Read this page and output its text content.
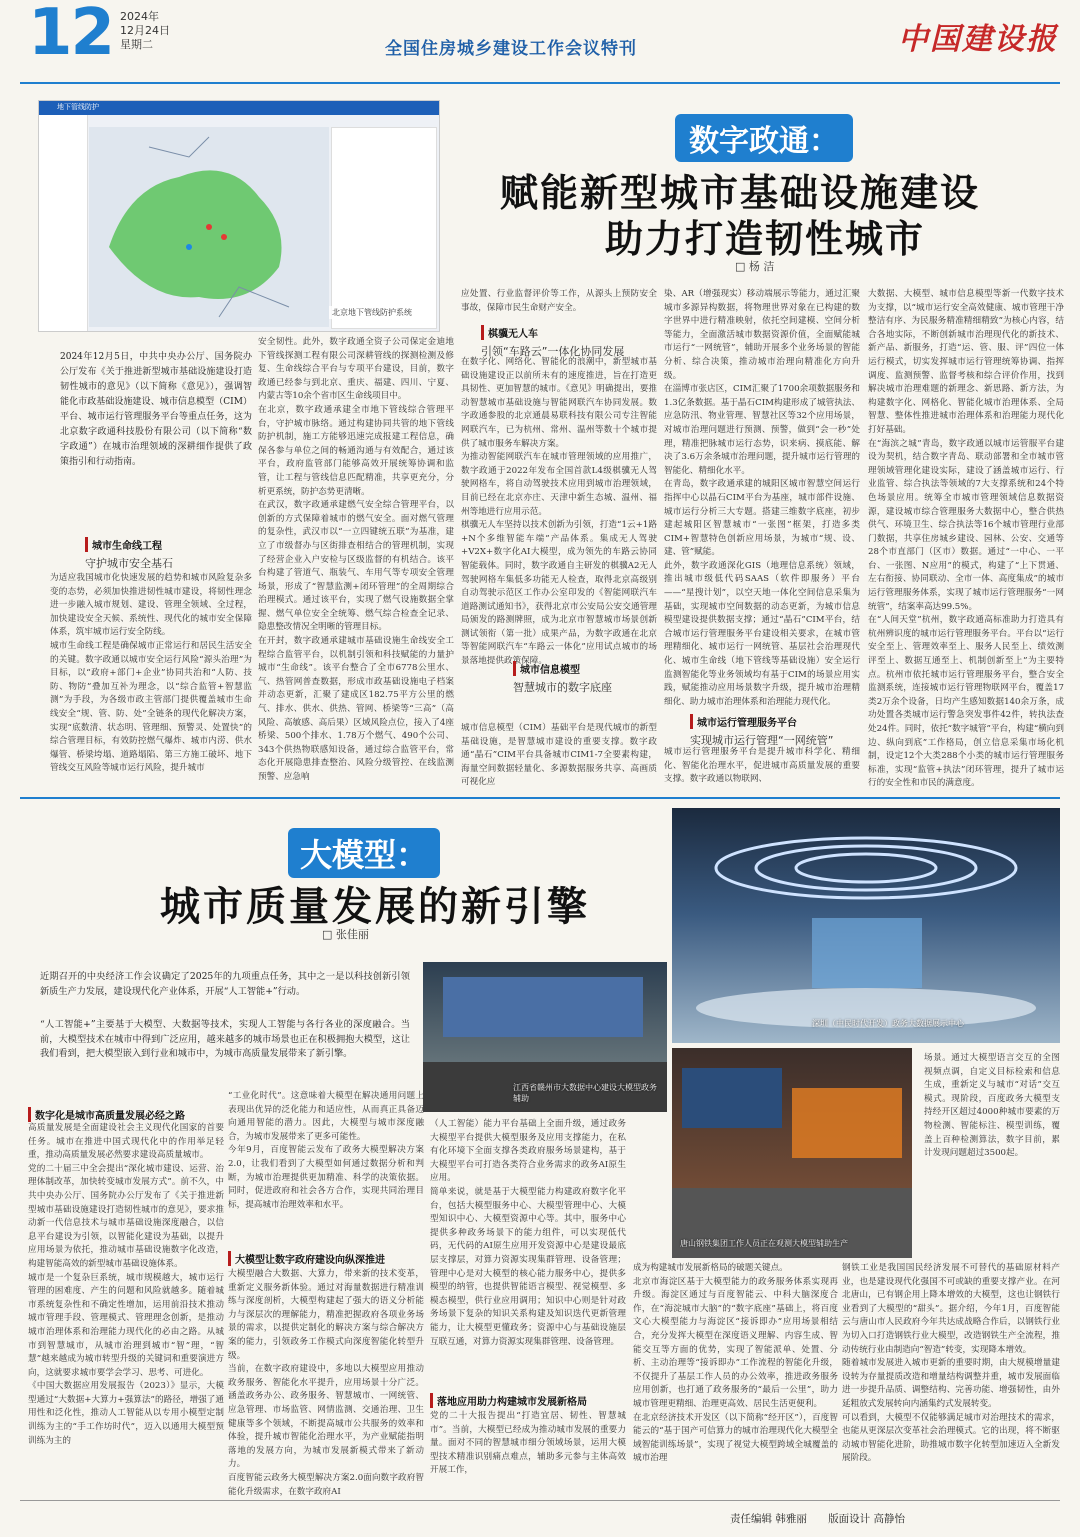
12 2024年
12月24日
星期二	全国住房城乡建设工作会议特刊	中国建设报
地下管线防护
北京地下管线防护系统
数字政通：
赋能新型城市基础设施建设
助力打造韧性城市
□ 杨 洁
2024年12月5日，中共中央办公厅、国务院办公厅发布《关于推进新型城市基础设施建设打造韧性城市的意见》（以下简称《意见》），强调智能化市政基础设施建设、城市信息模型（CIM）平台、城市运行管理服务平台等重点任务，这为北京数字政通科技股份有限公司（以下简称“数字政通”）在城市治理领域的深耕细作提供了政策指引和行动指南。
城市生命线工程
守护城市安全基石
为适应我国城市化快速发展的趋势和城市风险复杂多变的态势，必须加快推进韧性城市建设，将韧性理念进一步融入城市规划、建设、管理全领域、全过程，加快建设安全天候、系统性、现代化的城市安全保障体系，筑牢城市运行安全防线。
城市生命线工程是确保城市正常运行和居民生活安全的关键。数字政通以城市安全运行风险“源头治理”为目标，以“政府+部门+企业”协同共治和“人防、技防、物防”叠加互补为理念，以“综合监管+智慧监测”为手段，为各级市政主管部门提供覆盖城市生命线安全“规、管、防、处”全链条的现代化解决方案，实现“底数清、状态明、管理细、预警灵、处置快”的综合管理目标，有效防控燃气爆炸、城市内涝、供水爆管、桥梁垮塌、道路塌陷、第三方施工破坏、地下管线交互风险等城市运行风险，提升城市
安全韧性。此外，数字政通全资子公司保定金迪地下管线探测工程有限公司深耕管线的探测检测及修复、生命线综合平台与专项平台建设，目前，数字政通已经参与到北京、重庆、福建、四川、宁夏、内蒙古等10余个省市区生命线项目中。
在北京，数字政通承建全市地下管线综合管理平台，守护城市脉络。通过构建协同共管的地下管线防护机制，施工方能够迅速完成报建工程信息，确保各参与单位之间的畅通沟通与有效配合，通过该平台，政府监管部门能够高效开展统筹协调和监管，让工程与管线信息匹配精准，共享更充分，分析更系统，防护态势更清晰。
在武汉，数字政通承建燃气安全综合管理平台，以创新的方式保障着城市的燃气安全。面对燃气管理的复杂性，武汉市以“一立四键统五联”为基准，建立了市级督办与区街排查相结合的管理机制，实现了经营企业入户安检与区级监督的有机结合。该平台构建了管道气、瓶装气、车用气等专项安全管理场景，形成了“智慧监测+闭环管理”的全周期综合治理模式。通过该平台，实现了燃气设施数据全掌握、燃气单位安全全统筹、燃气综合检查全记录、隐患整改情况全明晰的管理目标。
在开封，数字政通承建城市基础设施生命线安全工程综合监管平台，以机制引领和科技赋能的力量护城市“生命线”。该平台整合了全市6778公里水、气、热管网普查数据，形成市政基础设施电子档案并动态更新，汇聚了建成区182.75平方公里的燃气、排水、供水、供热、管网、桥梁等“三高”（高风险、高敏感、高后果）区域风险点位，接入了4座桥梁、500个排水、1.78万个燃气、490个公司、343个供热物联感知设备，通过综合监管平台，常态化开展隐患排查整治、风险分级管控、在线监测预警、应急响
应处置、行业监督评价等工作，从源头上预防安全事故，保障市民生命财产安全。
棋骥无人车
引领“车路云”一体化协同发展
在数字化、网络化、智能化的浪潮中，新型城市基础设施建设正以前所未有的速度推进，旨在打造更具韧性、更加智慧的城市。《意见》明确提出，要推动智慧城市基础设施与智能网联汽车协同发展。数字政通参股的北京通晨易联科技有限公司专注智能网联汽车，已为杭州、常州、温州等数十个城市提供了城市服务车解决方案。
为推动智能网联汽车在城市管理领域的应用推广，数字政通于2022年发布全国首款L4级棋骥无人驾驶网格车，将自动驾驶技术应用到城市治理领域，目前已经在北京亦庄、天津中新生态城、温州、福州等地进行应用示范。
棋骥无人车坚持以技术创新为引领，打造“1云+1路+N个多维智能车端”产品体系。集成无人驾驶+V2X+数字化AI大模型，成为领先的车路云协同智能载体。同时，数字政通自主研发的棋骥A2无人驾驶网格车集低多功能无人检查，取得北京高级别自动驾驶示范区工作办公室印发的《智能网联汽车道路测试通知书》，获得北京市公安局公安交通管理局颁发的路测牌照，成为北京市智慧城市场景创新测试领衔（第一批）成果产品，为数字政通在北京等智能网联汽车“车路云一体化”应用试点城市的场景落地提供政策保障。
城市信息模型
智慧城市的数字底座
城市信息模型（CIM）基础平台是现代城市的新型基础设施，是智慧城市建设的重要支撑。数字政通“晶石”CIM平台具备城市CIM1-7全要素构建，海量空间数据轻量化、多源数据服务共享、高画质可视化应
染、AR（增强现实）移动端展示等能力，通过汇聚城市多源异构数据，将物理世界对象在已构建的数字世界中进行精准映射，依托空间建模、空间分析等能力，全面激活城市数据资源价值，全面赋能城市运行“一网统管”，辅助开展多个业务场景的智能分析、综合决策，推动城市治理向精准化方向升级。
在淄博市张店区，CIM汇聚了1700余项数据服务和1.3亿条数据。基于晶石CIM构建形成了城管执法、应急防汛、物业管理、智慧社区等32个应用场景，对城市治理问题进行预测、预警，做到“会一秒”处理，精准把脉城市运行态势，识来病、摸底能、解决了3.6万余条城市治理问题，提升城市运行管理的智能化、精细化水平。
在青岛，数字政通承建的城阳区城市智慧空间运行指挥中心以晶石CIM平台为基座，城市部件设施、城市运行分析三大专题。搭建三维数字底座，初步建起城阳区智慧城市“一张图”框架，打造多类CIM+智慧特色创新应用场景，为城市“规、设、建、管”赋能。
此外，数字政通深化GIS（地理信息系统）领域，推出城市级低代码SAAS（软件即服务）平台——“星搜计划”，以空天地一体化空间信息采集为基础，实现城市空间数据的动态更新，为城市信息模型建设提供数据支撑；通过“晶石”CIM平台，结合城市运行管理服务平台建设相关要求，在城市管理精细化、城市运行一网统管、基层社会治理现代化、城市生命线（地下管线等基础设施）安全运行监测智能化等业务领域均有基于CIM的场景应用实践，赋能推动应用场景数字升级，提升城市治理精细化、助力城市治理体系和治理能力现代化。
城市运行管理服务平台
实现城市运行管理“一网统管”
城市运行管理服务平台是提升城市科学化、精细化、智能化治理水平，促进城市高质量发展的重要支撑。数字政通以物联网、
大数据、大模型、城市信息模型等新一代数字技术为支撑，以“城市运行安全高效健康、城市管理干净整洁有序、为民服务精准精细精致”为核心内容，结合各地实际，不断创新城市治理现代化的新技术、新产品、新服务，打造“运、管、服、评”四位一体运行模式，切实发挥城市运行管理统筹协调、指挥调度、监测预警、监督考核和综合评价作用，找到解决城市治理难题的新理念、新思路、新方法，为构建数字化、网格化、智能化城市治理体系、全局智慧、整体性推进城市治理体系和治理能力现代化打好基础。
在“海滨之城”青岛，数字政通以城市运管服平台建设为契机，结合数字青岛、联动部署和全市城市管理领域管理化建设实际，建设了涵盖城市运行、行业监管、综合执法等领域的7大支撑系统和24个特色场景应用。统筹全市城市管理领域信息数据资源，建设城市综合管理服务大数据中心，整合供热供气、环境卫生、综合执法等16个城市管理行业部门数据，共享住房城乡建设、园林、公安、交通等28个市直部门（区市）数据。通过“一中心、一平台、一张图、N应用”的模式，构建了“上下贯通、左右衔接、协同联动、全市一体、高度集成”的城市运行管理服务体系，实现了城市运行管理服务“一网统管”，结案率高达99.5%。
在“人间天堂”杭州，数字政通高标准助力打造具有杭州辨识度的城市运行管理服务平台。平台以“运行安全至上、管理效率至上、服务人民至上、绩效测评至上、数据互通至上、机制创新至上”为主要特点。杭州市依托城市运行管理服务平台，整合安全监测系统，连接城市运行管理物联网平台，覆盖17类2万余个设备，日均产生感知数据140余万条，成功处置各类城市运行警急突发事件42件，转执法查处24件。同时，依托“数字城管”平台，构建“横向到边、纵向到底”工作格局，创立信息采集市场化机制，设定12个大类288个小类的城市运行管理服务标准，实现“监管+执法”闭环管理，提升了城市运行的安全性和市民的满意度。
大模型：
城市质量发展的新引擎
□ 张佳丽
深圳（中民时代开发）政务大数据展示中心
江西省赣州市大数据中心建设大模型政务辅助
唐山钢铁集团工作人员正在观测大模型辅助生产
近期召开的中央经济工作会议确定了2025年的九项重点任务，其中之一是以科技创新引领新质生产力发展，建设现代化产业体系，开展“人工智能+”行动。
“人工智能+”主要基于大模型、大数据等技术，实现人工智能与各行各业的深度融合。当前，大模型技术在城市中得到广泛应用，越来越多的城市场景也正在积极拥抱大模型，这让我们看到，把大模型嵌入到行业和城市中，为城市高质量发展带来了新引擎。
数字化是城市高质量发展必经之路
高质量发展是全面建设社会主义现代化国家的首要任务。城市在推进中国式现代化中的作用举足轻重，推动高质量发展必然要求建设高质量城市。
党的二十届三中全会提出“深化城市建设、运营、治理体制改革，加快转变城市发展方式”。前不久，中共中央办公厅、国务院办公厅发布了《关于推进新型城市基础设施建设打造韧性城市的意见》，要求推动新一代信息技术与城市基础设施深度融合，以信息平台建设为引领，以智能化建设为基础，以提升应用场景为依托，推动城市基础设施数字化改造，构建智能高效的新型城市基础设施体系。
城市是一个复杂巨系统，城市规模越大，城市运行管理的困难度、产生的问题和风险就越多。随着城市系统复杂性和不确定性增加，运用前沿技术推动城市管理手段、管理模式、管理理念创新，是推动城市治理体系和治理能力现代化的必由之路。从城市到智慧城市，从城市治理到城市“智”理，“智慧”越来越成为城市转型升级的关键词和重要演进方向，这就要求城市要学会学习、思考、可进化。
《中国大数据应用发展报告（2023）》显示，大模型通过“大数据+大算力+强算法”的路径，增强了通用性和泛化性，推动人工智能从以专用小模型定制训练为主的“手工作坊时代”，迈入以通用大模型预训练为主的
“工业化时代”。这意味着大模型在解决通用问题上表现出优异的泛化能力和适应性，从而真正具备迈向通用智能的潜力。因此，大模型与城市深度融合，为城市发展带来了更多可能性。
今年9月，百度智能云发布了政务大模型解决方案2.0，让我们看到了大模型如何通过数据分析和判断，为城市治理提供更加精准、科学的决策依据。同时，促进政府和社会各方合作，实现共同治理目标，提高城市治理效率和水平。
大模型让数字政府建设向纵深推进
大模型融合大数据、大算力，带来新的技术变革，重新定义服务新体验。通过对海量数据进行精准训练与深度剖析，大模型构建起了强大的语义分析能力与深层次的理解能力，精准把握政府各项业务场景的需求，以提供定制化的解决方案与综合解决方案的能力，引领政务工作模式向深度智能化转型升级。
当前，在数字政府建设中，多地以大模型应用推动政务服务、智能化水平提升，应用场景十分广泛。涵盖政务办公、政务服务、智慧城市、一网统管、应急管理、市场监管、网情监测、交通治理、卫生健康等多个领域，不断提高城市公共服务的效率和体验，提升城市智能化治理水平，为产业赋能指明落地的发展方向，为城市发展新模式带来了新动力。
百度智能云政务大模型解决方案2.0面向数字政府智能化升级需求，在数字政府AI
（人工智能）能力平台基础上全面升级，通过政务大模型平台提供大模型服务及应用支撑能力，在私有化环境下全面支撑各类政府服务场景建构，基于大模型平台可打造各类符合业务需求的政务AI原生应用。
简单来说，就是基于大模型能力构建政府数字化平台，包括大模型服务中心、大模型管理中心、大模型知识中心、大模型资源中心等。其中，服务中心提供多种政务场景下的能力组件，可以实现低代码，无代码的AI原生应用开发资源中心是建设最底层支撑层，对算力资源实现集群管理、设备管理；管理中心是对大模型的核心能力服务中心，提供多模型的纳管，也提供智能语言模型、视觉模型、多模态模型，供行业应用调用；知识中心则是针对政务场景下复杂的知识关系构建及知识迭代更新管理能力，让大模型更懂政务；资源中心与基础设施层互联互通，对算力资源实现集群管理、设备管理。
落地应用助力构建城市发展新格局
党的二十大报告提出“打造宜居、韧性、智慧城市”。当前，大模型已经成为推动城市发展的重要力量。面对不同的智慧城市细分领域场景，运用大模型技术精准识别痛点难点，辅助多元参与主体高效开展工作，
成为构建城市发展新格局的破题关键点。
北京市海淀区基于大模型能力的政务服务体系实现再升级。海淀区通过与百度智能云、中科大脑深度合作，在“海淀城市大脑”的“数字底座”基础上，将百度文心大模型能力与海淀区“接诉即办”应用场景相结合，充分发挥大模型在深度语义理解、内容生成、智能交互等方面的优势，实现了智能派单、处置、分析、主动治理等“接诉即办”工作流程的智能化升级，不仅提升了基层工作人员的办公效率，推进政务服务应用创新，也打通了政务服务的“最后一公里”，助力城市管理更精细、治理更高效、居民生活更便利。
在北京经济技术开发区（以下简称“经开区”），百度智能云的“基于国产可信算力的城市治理现代化大模型全域智能训练场景”，实现了视觉大模型跨域全城覆盖的城市治理
场景。通过大模型语言交互的全图视频点调，自定义目标检索和信息生成，重新定义与城市“对话”交互模式。现阶段，百度政务大模型支持经开区超过4000种城市要素的万物检测、智能标注、模型训练，覆盖上百种检测算法，数字目前，累计发现问题超过3500起。
钢铁工业是我国国民经济发展不可替代的基础原材料产业，也是建设现代化强国不可或缺的重要支撑产业。在河北唐山，已有钢企用上降本增效的大模型，这也让钢铁行业看到了大模型的“甜头”。据介绍，今年1月，百度智能云与唐山市人民政府今年共达成战略合作后，以钢铁行业为切入口打造钢铁行业大模型，改造钢铁生产全流程，推动传统行业由制造向“智造”转变，实现降本增效。
随着城市发展进入城市更新的重要时期，由大规模增量建设转为存量提质改造和增量结构调整并重，城市发展面临进一步提升品质、调整结构、完善功能、增强韧性，由外延粗放式发展转向内涵集约式发展转变。
可以看到，大模型不仅能够满足城市对治理技术的需求，也能从更深层次变革社会治理模式。它的出现，将不断驱动城市智能化进阶，助推城市数字化转型加速迈入全新发展阶段。
责任编辑 韩雅丽 版面设计 高静怡
